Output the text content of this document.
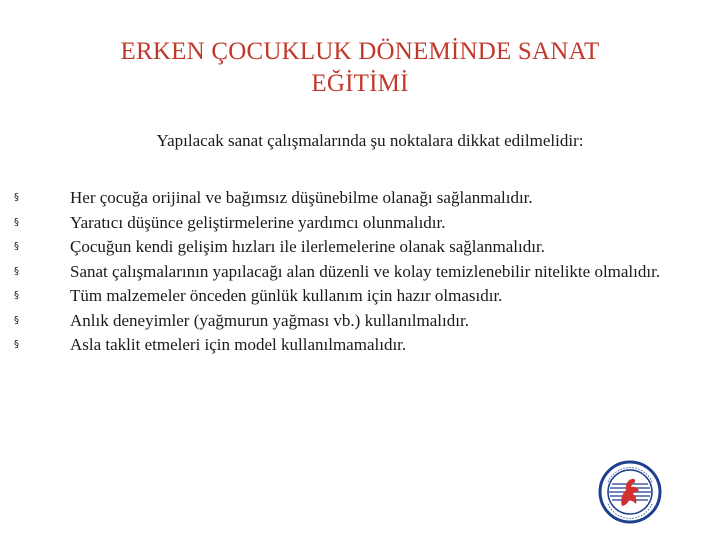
ERKEN ÇOCUKLUK DÖNEMİNDE SANAT
EĞİTİMİ
Yapılacak sanat çalışmalarında şu noktalara dikkat edilmelidir:
§	Her çocuğa orijinal ve bağımsız düşünebilme olanağı sağlanmalıdır.
§	Yaratıcı düşünce geliştirmelerine yardımcı olunmalıdır.
§	Çocuğun kendi gelişim hızları ile ilerlemelerine olanak sağlanmalıdır.
§	Sanat çalışmalarının yapılacağı alan düzenli ve kolay temizlenebilir nitelikte olmalıdır.
§	Tüm malzemeler önceden günlük kullanım için hazır olmasıdır.
§	Anlık deneyimler (yağmurun yağması vb.) kullanılmalıdır.
§	Asla taklit etmeleri için model kullanılmamalıdır.
